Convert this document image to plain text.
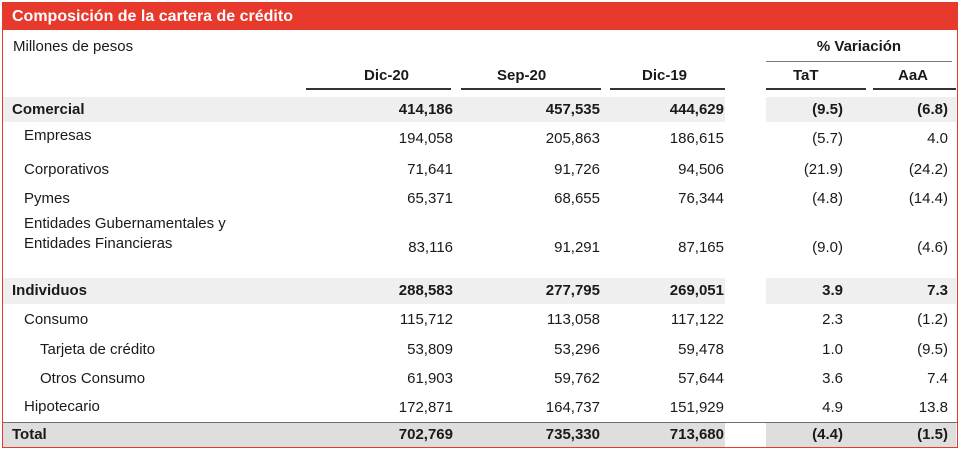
Composición de la cartera de crédito
Millones de pesos	% Variación
Dic-20	Sep-20	Dic-19	TaT	AaA
Comercial	414,186	457,535	444,629	(9.5)	(6.8)
Empresas	194,058	205,863	186,615	(5.7)	4.0
Corporativos	71,641	91,726	94,506	(21.9)	(24.2)
Pymes	65,371	68,655	76,344	(4.8)	(14.4)
Entidades Gubernamentales y
Entidades Financieras	83,116	91,291	87,165	(9.0)	(4.6)
Individuos	288,583	277,795	269,051	3.9	7.3
Consumo	115,712	113,058	117,122	2.3	(1.2)
Tarjeta de crédito	53,809	53,296	59,478	1.0	(9.5)
Otros Consumo	61,903	59,762	57,644	3.6	7.4
Hipotecario	172,871	164,737	151,929	4.9	13.8
Total	702,769	735,330	713,680	(4.4)	(1.5)
